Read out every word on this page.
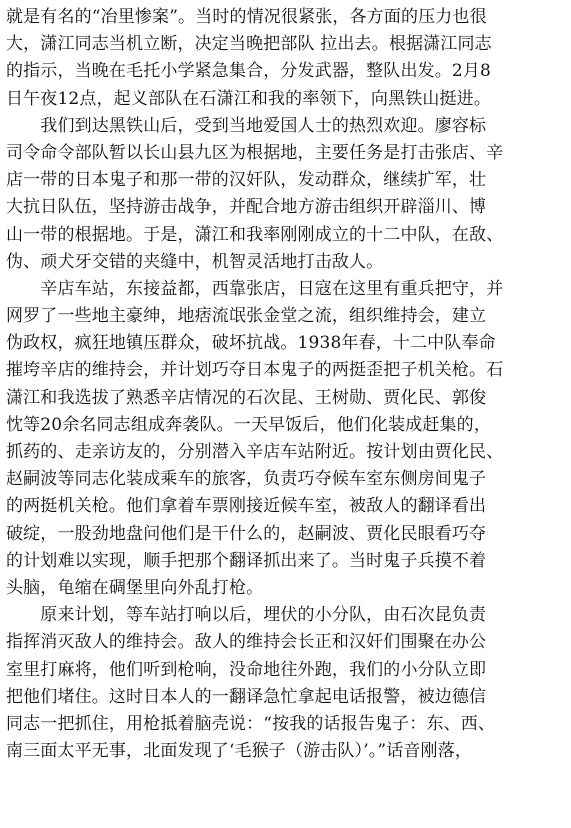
就是有名的“冶里惨案”。当时的情况很紧张，各方面的压力也很
大，潇江同志当机立断，决定当晚把部队 拉出去。根据潇江同志
的指示，当晚在毛托小学紧急集合，分发武器，整队出发。2月8
日午夜12点，起义部队在石潇江和我的率领下，向黑铁山挺进。
　　我们到达黑铁山后，受到当地爱国人士的热烈欢迎。廖容标
司令命令部队暂以长山县九区为根据地，主要任务是打击张店、辛
店一带的日本鬼子和那一带的汉奸队，发动群众，继续扩军，壮
大抗日队伍，坚持游击战争，并配合地方游击组织开辟淄川、博
山一带的根据地。于是，潇江和我率刚刚成立的十二中队，在敌、
伪、顽犬牙交错的夹缝中，机智灵活地打击敌人。
　　辛店车站，东接益都，西靠张店，日寇在这里有重兵把守，并
网罗了一些地主豪绅，地痞流氓张金堂之流，组织维持会，建立
伪政权，疯狂地镇压群众，破坏抗战。1938年春，十二中队奉命
摧垮辛店的维持会，并计划巧夺日本鬼子的两挺歪把子机关枪。石
潇江和我选拔了熟悉辛店情况的石次昆、王树勋、贾化民、郭俊
忱等20余名同志组成奔袭队。一天早饭后，他们化装成赶集的，
抓药的、走亲访友的，分别潜入辛店车站附近。按计划由贾化民、
赵嗣波等同志化装成乘车的旅客，负责巧夺候车室东侧房间鬼子
的两挺机关枪。他们拿着车票刚接近候车室，被敌人的翻译看出
破绽，一股劲地盘问他们是干什么的，赵嗣波、贾化民眼看巧夺
的计划难以实现，顺手把那个翻译抓出来了。当时鬼子兵摸不着
头脑，龟缩在碉堡里向外乱打枪。
　　原来计划，等车站打响以后，埋伏的小分队，由石次昆负责
指挥消灭敌人的维持会。敌人的维持会长正和汉奸们围聚在办公
室里打麻将，他们听到枪响，没命地往外跑，我们的小分队立即
把他们堵住。这时日本人的一翻译急忙拿起电话报警，被边德信
同志一把抓住，用枪抵着脑壳说：“按我的话报告鬼子：东、西、
南三面太平无事，北面发现了‘毛猴子（游击队）’。”话音刚落，
